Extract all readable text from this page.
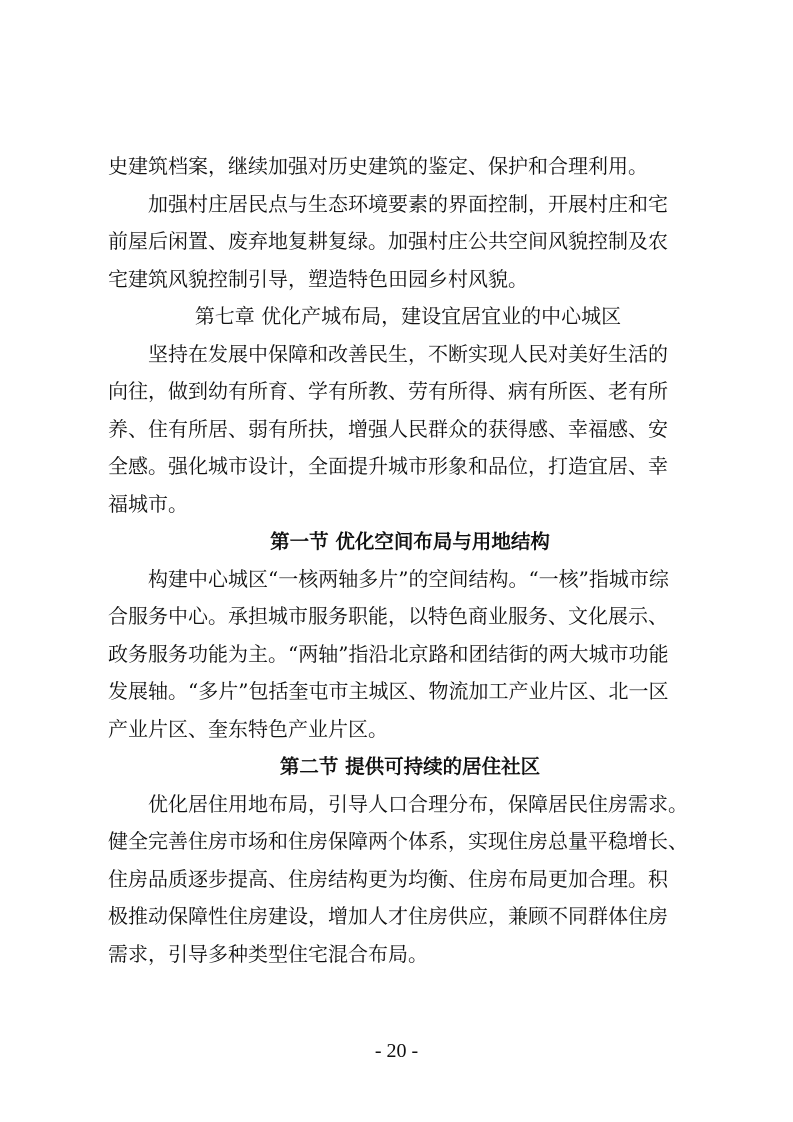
史建筑档案，继续加强对历史建筑的鉴定、保护和合理利用。
加强村庄居民点与生态环境要素的界面控制，开展村庄和宅
前屋后闲置、废弃地复耕复绿。加强村庄公共空间风貌控制及农
宅建筑风貌控制引导，塑造特色田园乡村风貌。
第七章 优化产城布局，建设宜居宜业的中心城区
坚持在发展中保障和改善民生，不断实现人民对美好生活的
向往，做到幼有所育、学有所教、劳有所得、病有所医、老有所
养、住有所居、弱有所扶，增强人民群众的获得感、幸福感、安
全感。强化城市设计，全面提升城市形象和品位，打造宜居、幸
福城市。
第一节 优化空间布局与用地结构
构建中心城区“一核两轴多片”的空间结构。“一核”指城市综
合服务中心。承担城市服务职能，以特色商业服务、文化展示、
政务服务功能为主。“两轴”指沿北京路和团结街的两大城市功能
发展轴。“多片”包括奎屯市主城区、物流加工产业片区、北一区
产业片区、奎东特色产业片区。
第二节 提供可持续的居住社区
优化居住用地布局，引导人口合理分布，保障居民住房需求。
健全完善住房市场和住房保障两个体系，实现住房总量平稳增长、
住房品质逐步提高、住房结构更为均衡、住房布局更加合理。积
极推动保障性住房建设，增加人才住房供应，兼顾不同群体住房
需求，引导多种类型住宅混合布局。
- 20 -
